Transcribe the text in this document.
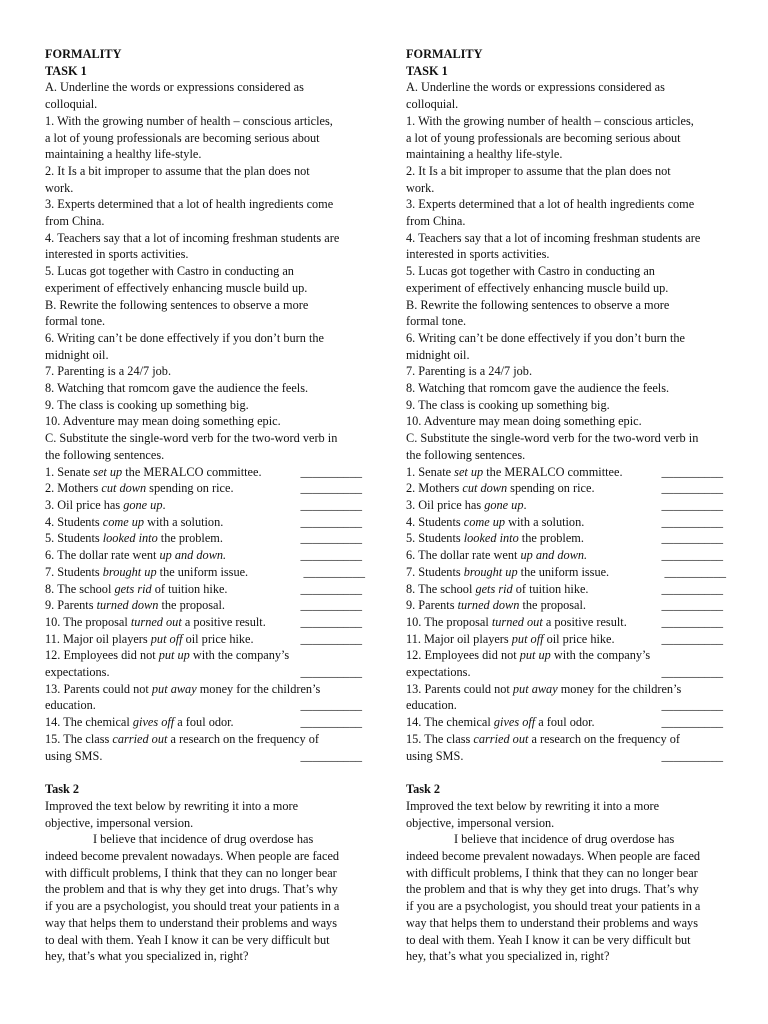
FORMALITY
TASK 1
A. Underline the words or expressions considered as
colloquial.
1. With the growing number of health – conscious articles,
a lot of young professionals are becoming serious about
maintaining a healthy life-style.
2. It Is a bit improper to assume that the plan does not
work.
3. Experts determined that a lot of health ingredients come
from China.
4. Teachers say that a lot of incoming freshman students are
interested in sports activities.
5. Lucas got together with Castro in conducting an
experiment of effectively enhancing muscle build up.
B. Rewrite the following sentences to observe a more
formal tone.
6. Writing can’t be done effectively if you don’t burn the
midnight oil.
7. Parenting is a 24/7 job.
8. Watching that romcom gave the audience the feels.
9. The class is cooking up something big.
10. Adventure may mean doing something epic.
C. Substitute the single-word verb for the two-word verb in
the following sentences.
1. Senate set up the MERALCO committee.	__________
2. Mothers cut down spending on rice.	__________
3. Oil price has gone up.	__________
4. Students come up with a solution.	__________
5. Students looked into the problem.	__________
6. The dollar rate went up and down.	__________
7. Students brought up the uniform issue.	__________
8. The school gets rid of tuition hike.	__________
9. Parents turned down the proposal.	__________
10. The proposal turned out a positive result.	__________
11. Major oil players put off oil price hike.	__________
12. Employees did not put up with the company’s
expectations.	__________
13. Parents could not put away money for the children’s
education.	__________
14. The chemical gives off a foul odor.	__________
15. The class carried out a research on the frequency of
using SMS.	__________
Task 2
Improved the text below by rewriting it into a more
objective, impersonal version.
I believe that incidence of drug overdose has
indeed become prevalent nowadays. When people are faced
with difficult problems, I think that they can no longer bear
the problem and that is why they get into drugs. That’s why
if you are a psychologist, you should treat your patients in a
way that helps them to understand their problems and ways
to deal with them. Yeah I know it can be very difficult but
hey, that’s what you specialized in, right?
FORMALITY
TASK 1
A. Underline the words or expressions considered as
colloquial.
1. With the growing number of health – conscious articles,
a lot of young professionals are becoming serious about
maintaining a healthy life-style.
2. It Is a bit improper to assume that the plan does not
work.
3. Experts determined that a lot of health ingredients come
from China.
4. Teachers say that a lot of incoming freshman students are
interested in sports activities.
5. Lucas got together with Castro in conducting an
experiment of effectively enhancing muscle build up.
B. Rewrite the following sentences to observe a more
formal tone.
6. Writing can’t be done effectively if you don’t burn the
midnight oil.
7. Parenting is a 24/7 job.
8. Watching that romcom gave the audience the feels.
9. The class is cooking up something big.
10. Adventure may mean doing something epic.
C. Substitute the single-word verb for the two-word verb in
the following sentences.
1. Senate set up the MERALCO committee.	__________
2. Mothers cut down spending on rice.	__________
3. Oil price has gone up.	__________
4. Students come up with a solution.	__________
5. Students looked into the problem.	__________
6. The dollar rate went up and down.	__________
7. Students brought up the uniform issue.	__________
8. The school gets rid of tuition hike.	__________
9. Parents turned down the proposal.	__________
10. The proposal turned out a positive result.	__________
11. Major oil players put off oil price hike.	__________
12. Employees did not put up with the company’s
expectations.	__________
13. Parents could not put away money for the children’s
education.	__________
14. The chemical gives off a foul odor.	__________
15. The class carried out a research on the frequency of
using SMS.	__________
Task 2
Improved the text below by rewriting it into a more
objective, impersonal version.
I believe that incidence of drug overdose has
indeed become prevalent nowadays. When people are faced
with difficult problems, I think that they can no longer bear
the problem and that is why they get into drugs. That’s why
if you are a psychologist, you should treat your patients in a
way that helps them to understand their problems and ways
to deal with them. Yeah I know it can be very difficult but
hey, that’s what you specialized in, right?
